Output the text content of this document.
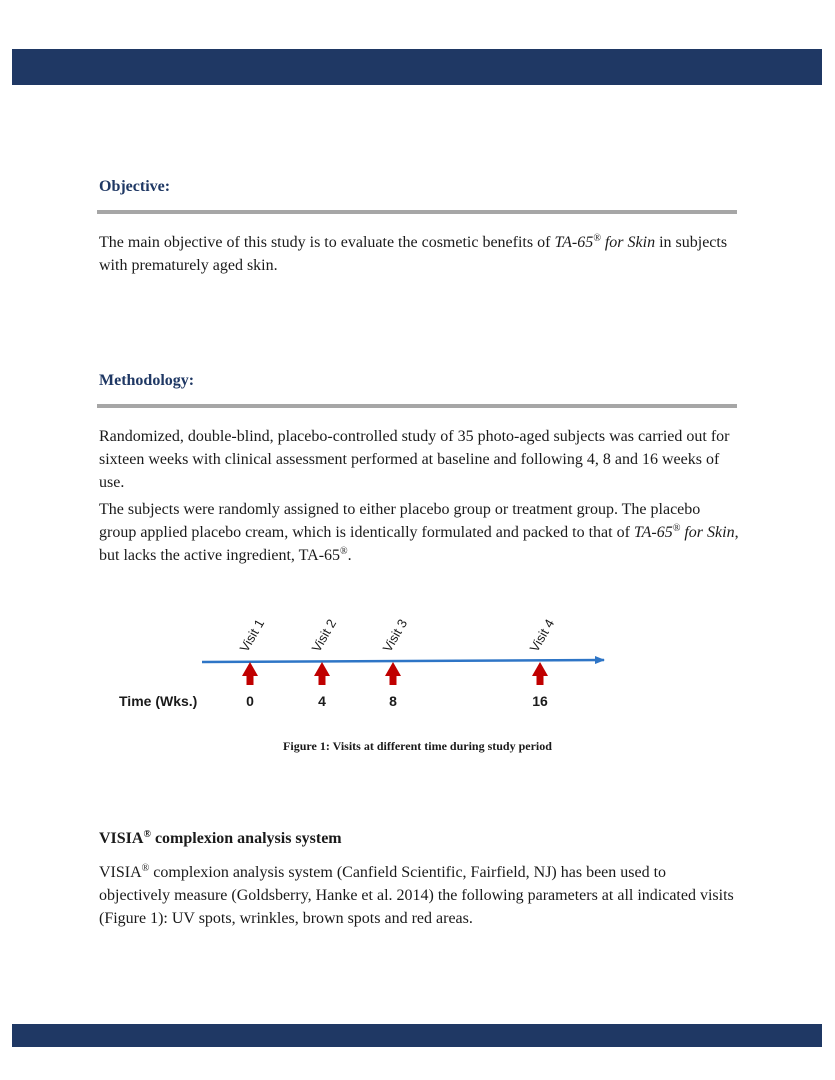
Objective:

The main objective of this study is to evaluate the cosmetic benefits of TA-65® for Skin in subjects with prematurely aged skin.

Methodology:

Randomized, double-blind, placebo-controlled study of 35 photo-aged subjects was carried out for sixteen weeks with clinical assessment performed at baseline and following 4, 8 and 16 weeks of use.

The subjects were randomly assigned to either placebo group or treatment group. The placebo group applied placebo cream, which is identically formulated and packed to that of TA-65® for Skin, but lacks the active ingredient, TA-65®.

Time (Wks.)
Visit 1
0
Visit 2
4
Visit 3
8
Visit 4
16
Figure 1: Visits at different time during study period
VISIA® complexion analysis system

VISIA® complexion analysis system (Canfield Scientific, Fairfield, NJ) has been used to objectively measure (Goldsberry, Hanke et al. 2014) the following parameters at all indicated visits (Figure 1): UV spots, wrinkles, brown spots and red areas.
